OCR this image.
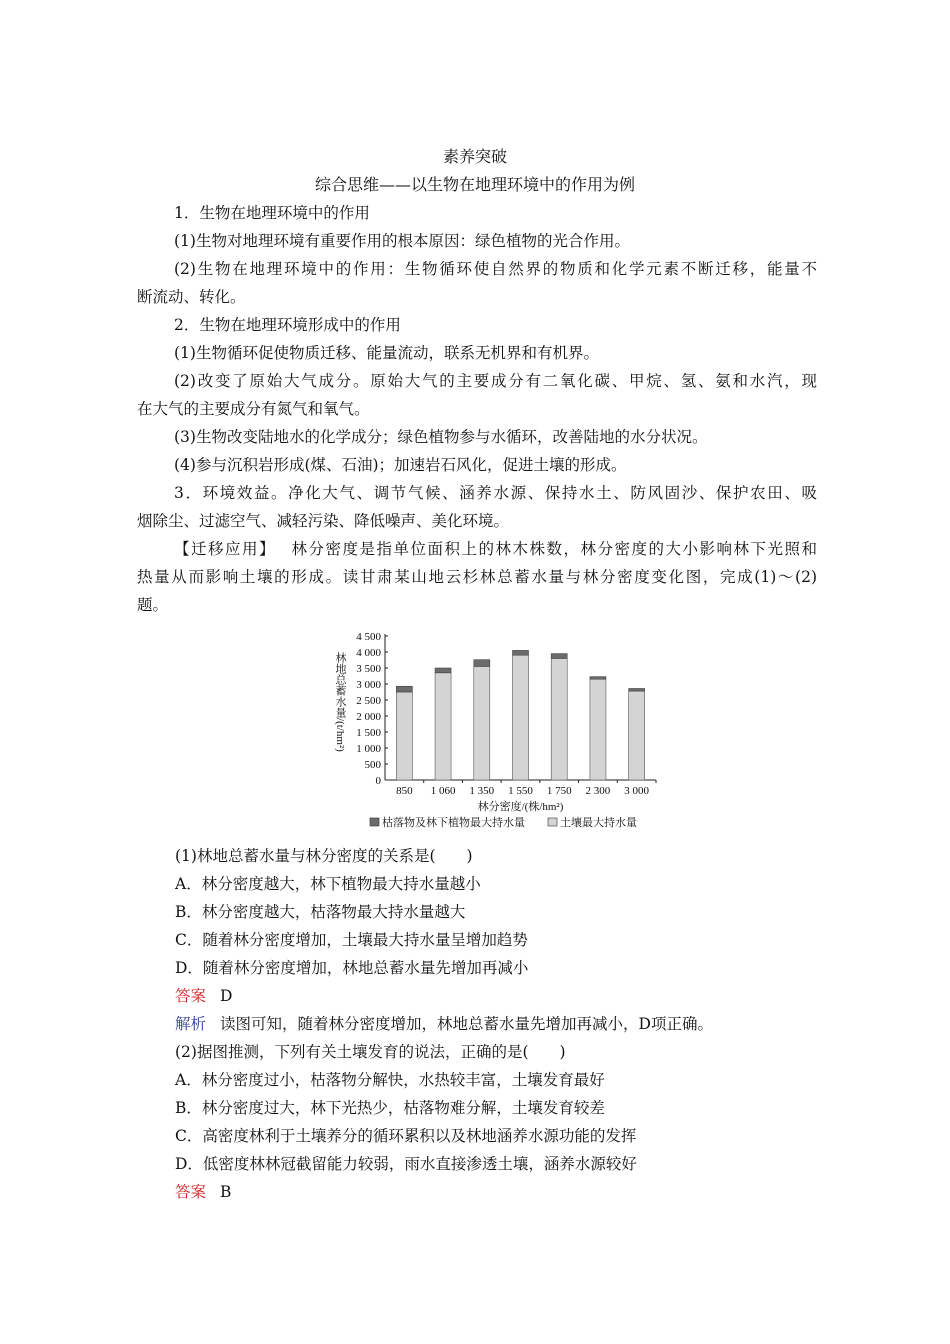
素养突破
综合思维——以生物在地理环境中的作用为例
1．生物在地理环境中的作用
(1)生物对地理环境有重要作用的根本原因：绿色植物的光合作用。
(2)生物在地理环境中的作用：生物循环使自然界的物质和化学元素不断迁移，能量不
断流动、转化。
2．生物在地理环境形成中的作用
(1)生物循环促使物质迁移、能量流动，联系无机界和有机界。
(2)改变了原始大气成分。原始大气的主要成分有二氧化碳、甲烷、氢、氨和水汽，现
在大气的主要成分有氮气和氧气。
(3)生物改变陆地水的化学成分；绿色植物参与水循环，改善陆地的水分状况。
(4)参与沉积岩形成(煤、石油)；加速岩石风化，促进土壤的形成。
3．环境效益。净化大气、调节气候、涵养水源、保持水土、防风固沙、保护农田、吸
烟除尘、过滤空气、减轻污染、降低噪声、美化环境。
【迁移应用】 林分密度是指单位面积上的林木株数，林分密度的大小影响林下光照和
热量从而影响土壤的形成。读甘肃某山地云杉林总蓄水量与林分密度变化图，完成(1)～(2)
题。
0
500
1 000
1 500
2 000
2 500
3 000
3 500
4 000
4 500
林地总蓄水量/(t/hm²)
850 1 060 1 350 1 550 1 750 2 300 3 000
林分密度/(株/hm²)
枯落物及林下植物最大持水量	土壤最大持水量
(1)林地总蓄水量与林分密度的关系是(　　)
A．林分密度越大，林下植物最大持水量越小
B．林分密度越大，枯落物最大持水量越大
C．随着林分密度增加，土壤最大持水量呈增加趋势
D．随着林分密度增加，林地总蓄水量先增加再减小
答案 D
解析 读图可知，随着林分密度增加，林地总蓄水量先增加再减小，D项正确。
(2)据图推测，下列有关土壤发育的说法，正确的是(　　)
A．林分密度过小，枯落物分解快，水热较丰富，土壤发育最好
B．林分密度过大，林下光热少，枯落物难分解，土壤发育较差
C．高密度林利于土壤养分的循环累积以及林地涵养水源功能的发挥
D．低密度林林冠截留能力较弱，雨水直接渗透土壤，涵养水源较好
答案 B
